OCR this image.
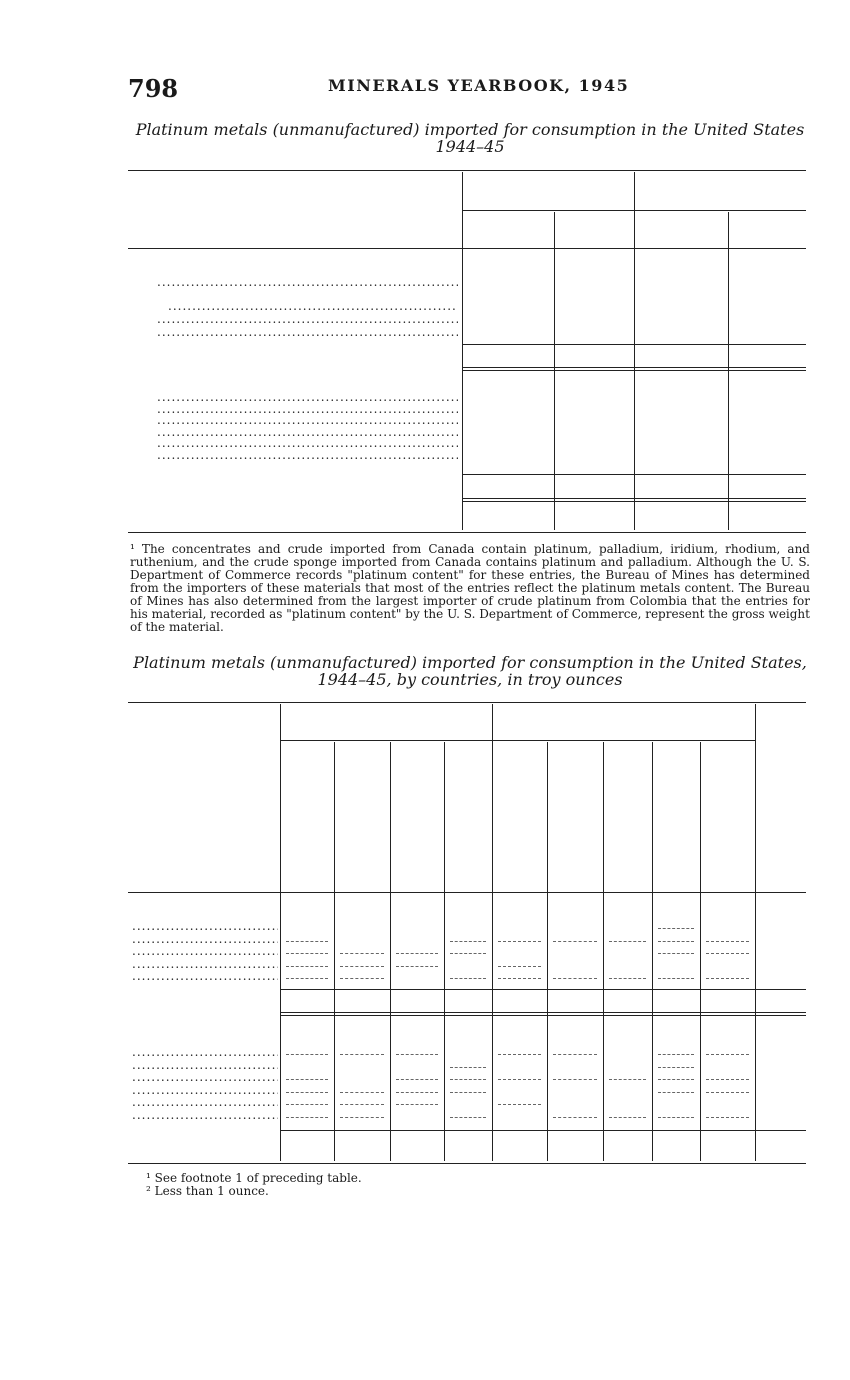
798	MINERALS YEARBOOK, 1945
Platinum metals (unmanufactured) imported for consumption in the United States
1944–45
.....
.....
.....
.....
.....
.....
.....
.....
.....
.....
¹ The concentrates and crude imported from Canada contain platinum, palladium, iridium, rhodium, and ruthenium, and the crude sponge imported from Canada contains platinum and palladium. Although the U. S. Department of Commerce records "platinum content" for these entries, the Bureau of Mines has determined from the importers of these materials that most of the entries reflect the platinum metals content. The Bureau of Mines has also determined from the largest importer of crude platinum from Colombia that the entries for his material, recorded as "platinum content" by the U. S. Department of Commerce, represent the gross weight of the material.
Platinum metals (unmanufactured) imported for consumption in the United States,
1944–45, by countries, in troy ounces
.....
.....
.....
.....
.....
.....
.....
.....
.....
.....
.....
¹ See footnote 1 of preceding table.
² Less than 1 ounce.
